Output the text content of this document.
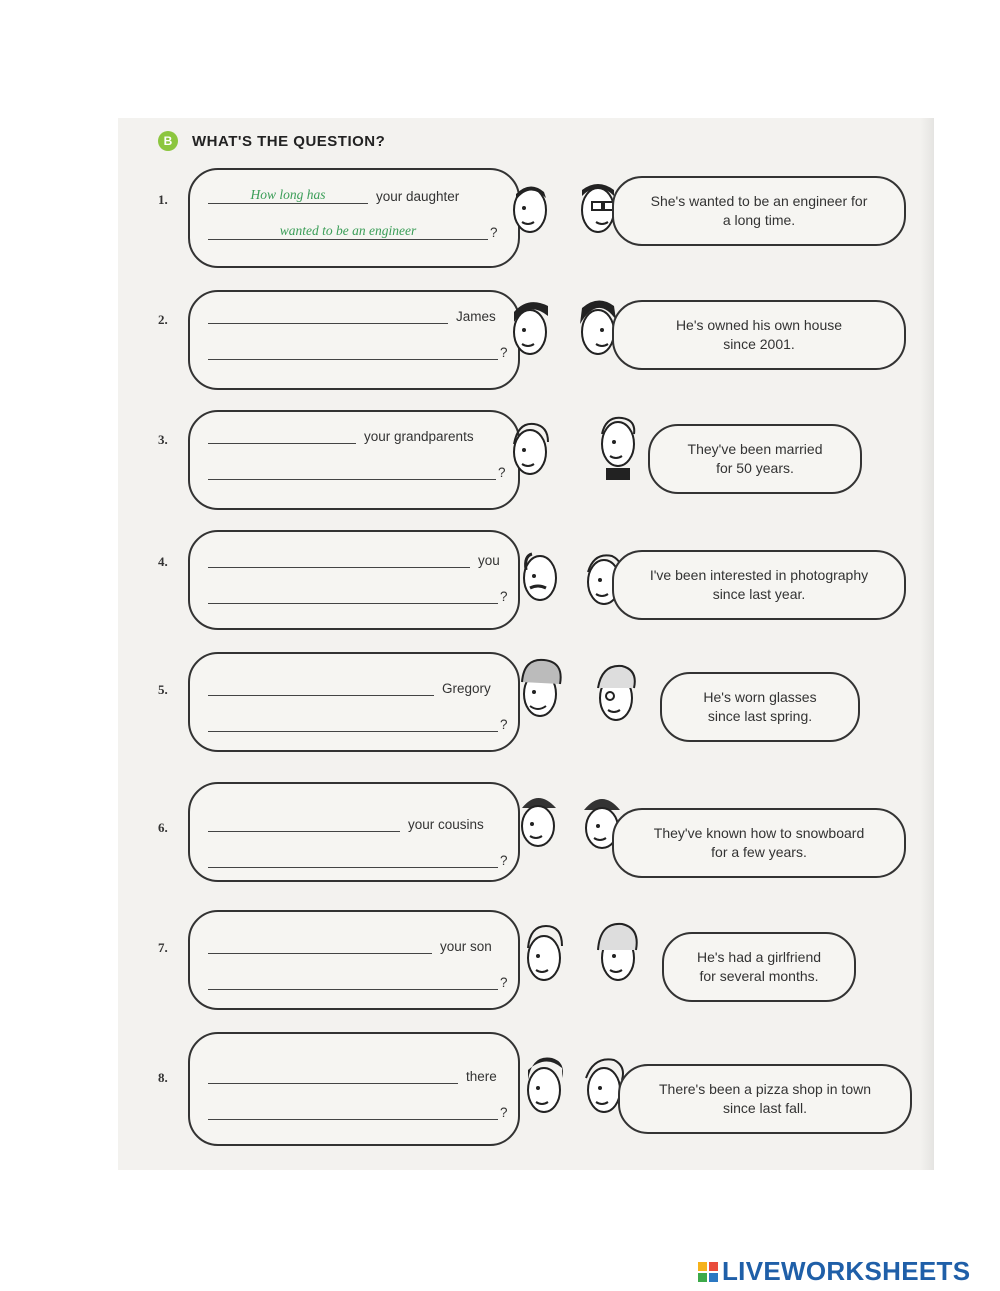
B	WHAT'S THE QUESTION?
1.	How long has	your daughter
wanted to be an engineer	?
She's wanted to be an engineer for
a long time.
2.	James
?
He's owned his own house
since 2001.
3.	your grandparents
?
They've been married
for 50 years.
4.	you
?
I've been interested in photography
since last year.
5.	Gregory
?
He's worn glasses
since last spring.
6.	your cousins
?
They've known how to snowboard
for a few years.
7.	your son
?
He's had a girlfriend
for several months.
8.	there
?
There's been a pizza shop in town
since last fall.
LIVEWORKSHEETS
